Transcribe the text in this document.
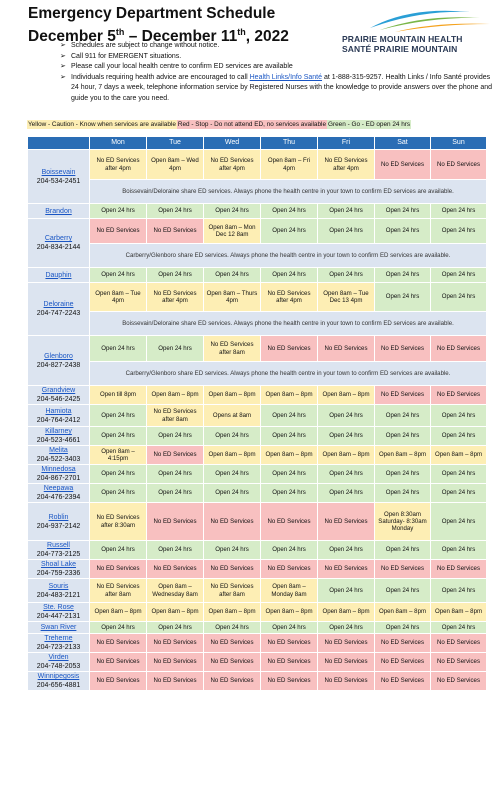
Emergency Department Schedule
December 5th – December 11th, 2022	PRAIRIE MOUNTAIN HEALTH
SANTÉ PRAIRIE MOUNTAIN
➢ Schedules are subject to change without notice.
➢ Call 911 for EMERGENT situations.
➢ Please call your local health centre to confirm ED services are available
➢ Individuals requiring health advice are encouraged to call Health Links/Info Santé at 1-888-315-9257. Health Links / Info Santé provides 24 hour, 7 days a week, telephone information service by Registered Nurses with the knowledge to provide answers over the phone and guide you to the care you need.
Yellow - Caution - Know when services are available Red - Stop - Do not attend ED, no services available Green - Go - ED open 24 hrs
	Mon	Tue	Wed	Thu	Fri	Sat	Sun

Boissevain
204-534-2451	No ED Services after 4pm	Open 8am – Wed 4pm	No ED Services after 4pm	Open 8am – Fri 4pm	No ED Services after 4pm	No ED Services	No ED Services
	Boissevain/Deloraine share ED services. Always phone the health centre in your town to confirm ED services are available.						

Brandon	Open 24 hrs	Open 24 hrs	Open 24 hrs	Open 24 hrs	Open 24 hrs	Open 24 hrs	Open 24 hrs

Carberry
204-834-2144	No ED Services	No ED Services	Open 8am – Mon Dec 12 8am	Open 24 hrs	Open 24 hrs	Open 24 hrs	Open 24 hrs
	Carberry/Glenboro share ED services. Always phone the health centre in your town to confirm ED services are available.						

Dauphin	Open 24 hrs	Open 24 hrs	Open 24 hrs	Open 24 hrs	Open 24 hrs	Open 24 hrs	Open 24 hrs

Deloraine
204-747-2243	Open 8am – Tue 4pm	No ED Services after 4pm	Open 8am – Thurs 4pm	No ED Services after 4pm	Open 8am – Tue Dec 13 4pm	Open 24 hrs	Open 24 hrs
	Boissevain/Deloraine share ED services. Always phone the health centre in your town to confirm ED services are available.						

Glenboro
204-827-2438	Open 24 hrs	Open 24 hrs	No ED Services after 8am	No ED Services	No ED Services	No ED Services	No ED Services
	Carberry/Glenboro share ED services. Always phone the health centre in your town to confirm ED services are available.						

Grandview
204-546-2425	Open till 8pm	Open 8am – 8pm	Open 8am – 8pm	Open 8am – 8pm	Open 8am – 8pm	No ED Services	No ED Services

Hamiota
204-764-2412	Open 24 hrs	No ED Services after 8am	Opens at 8am	Open 24 hrs	Open 24 hrs	Open 24 hrs	Open 24 hrs

Killarney
204-523-4661	Open 24 hrs	Open 24 hrs	Open 24 hrs	Open 24 hrs	Open 24 hrs	Open 24 hrs	Open 24 hrs

Melita
204-522-3403	Open 8am – 4:15pm	No ED Services	Open 8am – 8pm	Open 8am – 8pm	Open 8am – 8pm	Open 8am – 8pm	Open 8am – 8pm

Minnedosa
204-867-2701	Open 24 hrs	Open 24 hrs	Open 24 hrs	Open 24 hrs	Open 24 hrs	Open 24 hrs	Open 24 hrs

Neepawa
204-476-2394	Open 24 hrs	Open 24 hrs	Open 24 hrs	Open 24 hrs	Open 24 hrs	Open 24 hrs	Open 24 hrs

Roblin
204-937-2142	No ED Services after 8:30am	No ED Services	No ED Services	No ED Services	No ED Services	Open 8:30am Saturday- 8:30am Monday	Open 24 hrs

Russell
204-773-2125	Open 24 hrs	Open 24 hrs	Open 24 hrs	Open 24 hrs	Open 24 hrs	Open 24 hrs	Open 24 hrs

Shoal Lake
204-759-2336	No ED Services	No ED Services	No ED Services	No ED Services	No ED Services	No ED Services	No ED Services

Souris
204-483-2121	No ED Services after 8am	Open 8am – Wednesday 8am	No ED Services after 8am	Open 8am – Monday 8am	Open 24 hrs	Open 24 hrs	Open 24 hrs

Ste. Rose
204-447-2131	Open 8am – 8pm	Open 8am – 8pm	Open 8am – 8pm	Open 8am – 8pm	Open 8am – 8pm	Open 8am – 8pm	Open 8am – 8pm

Swan River	Open 24 hrs	Open 24 hrs	Open 24 hrs	Open 24 hrs	Open 24 hrs	Open 24 hrs	Open 24 hrs

Treherne
204-723-2133	No ED Services	No ED Services	No ED Services	No ED Services	No ED Services	No ED Services	No ED Services

Virden
204-748-2053	No ED Services	No ED Services	No ED Services	No ED Services	No ED Services	No ED Services	No ED Services

Winnipegosis
204-656-4881	No ED Services	No ED Services	No ED Services	No ED Services	No ED Services	No ED Services	No ED Services
